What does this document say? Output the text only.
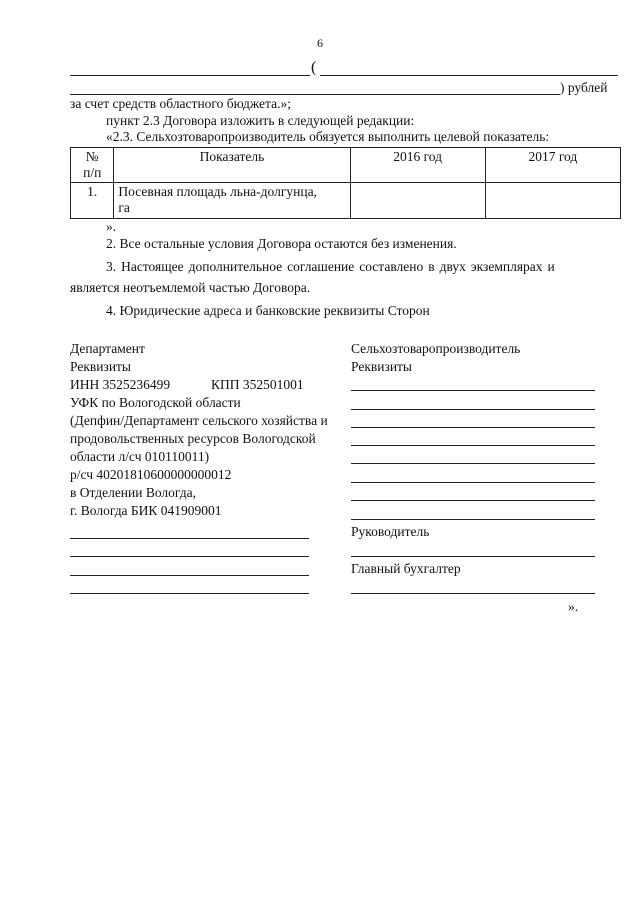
6
(
) рублей
за счет средств областного бюджета.»;
пункт 2.3 Договора изложить в следующей редакции:
«2.3. Сельхозтоваропроизводитель обязуется выполнить целевой показатель:
№
п/п	Показатель	2016 год	2017 год
1.	Посевная площадь льна-долгунца,
га		

».
2. Все остальные условия Договора остаются без изменения.
3. Настоящее дополнительное соглашение составлено в двух экземплярах и
является неотъемлемой частью Договора.
4. Юридические адреса и банковские реквизиты Сторон
Департамент
Реквизиты
ИНН 3525236499	КПП 352501001
УФК по Вологодской области
(Депфин/Департамент сельского хозяйства и
продовольственных ресурсов Вологодской
области л/сч 010110011)
р/сч 40201810600000000012
в Отделении Вологда,
г. Вологда БИК 041909001
Сельхозтоваропроизводитель
Реквизиты
Руководитель
Главный бухгалтер
».
